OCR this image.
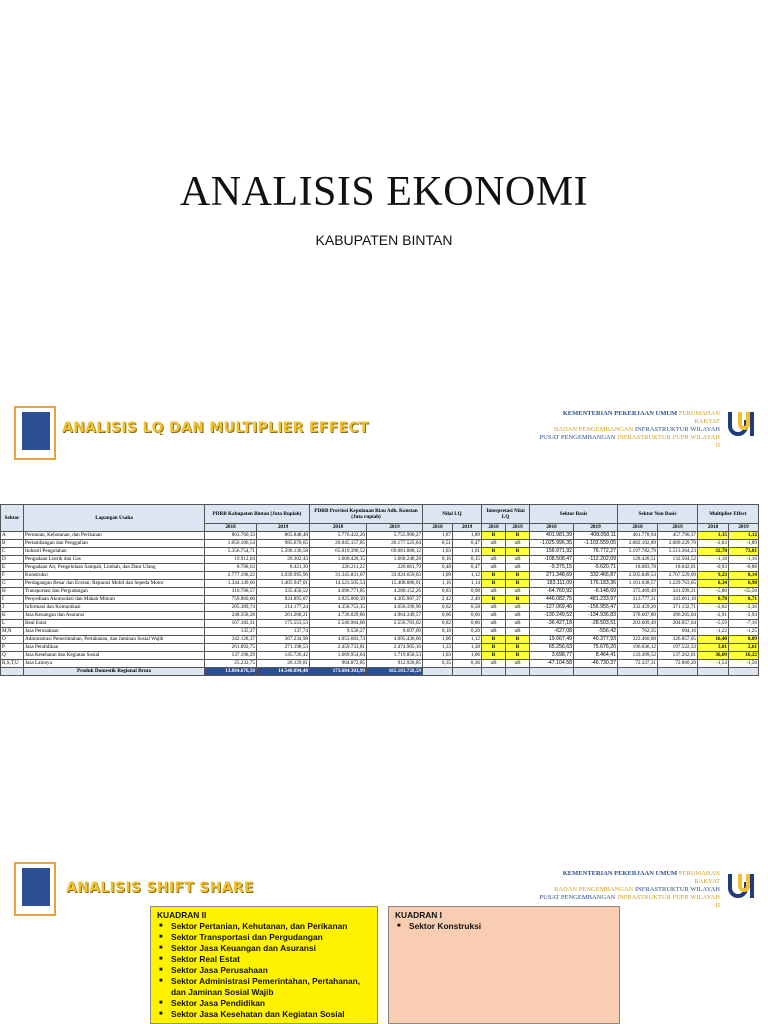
ANALISIS EKONOMI
KABUPATEN BINTAN
ANALISIS LQ DAN MULTIPLIER EFFECT
KEMENTERIAN PEKERJAAN UMUM PERUMAHAN
RAKYAT
BADAN PENGEMBANGAN INFRASTRUKTUR WILAYAH
PUSAT PENGEMBANGAN INFRASTRUKTUR PUPR WILAYAH
II
Sektor	Lapangan Usaha	PDRB Kabupaten Bintan (Juta Rupiah)		PDRB Provinsi Kepulauan Riau Adh. Konstan (Juta rupiah)		Nilai LQ		Interpretasi Nilai LQ		Sektor Basis		Sektor Non Basis		Multiplier Effect	
		2018	2019	2018	2019	2018	2019	2018	2019	2018	2019	2018	2019	2018	2019
A	Pertanian, Kehutanan, dan Perikanan	863.760,33	865.848,48	5.776.422,20	5.755.990,27	1,87	1,89	B	B	401.981,39	408.058,11	461.778,94	457.790,37	1,15	1,12
B	Pertambangan dan Penggalian	1.056.106,54	985.670,65	26.045.157,85	26.177.525,04	0,51	0,47	nB	nB	-1.025.996,35	-1.103.559,05	2.082.102,89	2.089.229,70	-2,03	-1,89
C	Industri Pengolahan	5.356.754,71	5.590.136,58	65.019.396,52	69.081.068,12	1,03	1,01	B	B	156.971,92	76.772,27	5.197.782,79	5.513.364,23	32,70	73,81
D	Pengadaan Listrik dan Gas	19.912,04	20.302,43	1.606.420,35	1.668.248,28	0,16	0,15	nB	nB	-108.508,47	-112.202,09	128.420,51	132.504,52	-1,18	-1,16
E	Pengadaan Air, Pengelolaan Sampah, Limbah, dan Daur Ulang	8.708,63	8.421,30	226.211,22	226.061,79	0,48	0,47	nB	nB	-9.375,15	-9.620,71	18.083,78	18.042,01	-0,93	-0,88
F	Konstruksi	2.777.198,22	3.039.995,96	31.345.831,67	33.924.659,03	1,09	1,12	B	B	271.348,69	332.466,87	2.505.849,53	2.707.529,09	9,23	8,14
G	Perdagangan Besar dan Eceran; Reparasi Mobil dan Sepeda Motor	1.344.149,66	1.405.947,01	14.523.505,54	15.408.880,01	1,16	1,14	B	B	183.111,09	176.183,36	1.161.038,57	1.229.763,65	6,34	6,98
H	Transportasi dan Pergudangan	310.708,57	335.450,52	4.696.771,85	4.280.152,26	0,83	0,98	nB	nB	-64.760,92	-6.148,69	375.469,49	341.599,21	-5,80	-55,56
I	Penyediaan Akomodasi dan Makan Minum	759.860,06	824.895,07	3.925.060,39	4.305.987,37	2,42	2,40	B	B	446.082,75	481.233,97	313.777,31	343.661,10	0,70	0,71
J	Informasi dan Komunikasi	205.389,74	214.177,24	4.358.753,35	4.650.199,96	0,62	0,58	nB	nB	-127.069,46	-156.955,47	332.459,20	371.132,71	-2,62	-2,36
K	Jasa Keuangan dan Asuransi	248.358,28	261.268,21	4.736.029,86	4.964.349,57	0,66	0,66	nB	nB	-130.249,52	-134.936,83	378.607,80	396.205,04	-2,91	-2,94
L	Real Estat	167.182,31	175.553,53	2.546.964,08	2.556.783,62	0,82	0,86	nB	nB	-36.427,18	-28.503,51	203.609,49	204.057,04	-5,59	-7,16
M,N	Jasa Perusahaan	135,27	137,74	9.558,27	8.697,69	0,18	0,20	nB	nB	-627,08	-556,42	762,35	694,16	-1,22	-1,25
O	Administrasi Pemerintahan, Pertahanan, dan Jaminan Sosial Wajib	342.128,37	367.234,98	4.053.683,74	4.095.436,66	1,06	1,12	B	B	19.667,49	40.377,93	322.460,88	326.857,05	16,40	8,09
P	Jasa Pendidikan	261.892,75	271.198,53	2.459.733,81	2.474.905,16	1,33	1,38	B	B	65.256,63	75.676,20	196.636,12	197.522,33	3,01	2,61
Q	Jasa Kesehatan dan Kegiatan Sosial	137.198,29	145.726,42	1.669.954,04	1.719.858,53	1,03	1,06	B	B	3.698,77	8.464,41	133.499,52	137.262,01	36,09	16,22
R,S,T,U	Jasa Lainnya	25.232,75	26.129,81	904.872,85	912.920,85	0,35	0,36	nB	nB	-47.104,58	-46.730,37	72.337,31	72.860,20	-1,54	-1,56
	Produk Domestik Regional Bruto	13.884.676,58	14.540.894,48	173.684.303,99	182.183.728,59										
ANALISIS SHIFT SHARE
KEMENTERIAN PEKERJAAN UMUM PERUMAHAN
RAKYAT
BADAN PENGEMBANGAN INFRASTRUKTUR WILAYAH
PUSAT PENGEMBANGAN INFRASTRUKTUR PUPR WILAYAH
II
KUADRAN II
■ Sektor Pertanian, Kehutanan, dan Perikanan
■ Sektor Transportasi dan Pergudangan
■ Sektor Jasa Keuangan dan Asuransi
■ Sektor Real Estat
■ Sektor Jasa Perusahaan
■ Sektor Administrasi Pemerintahan, Pertahanan, dan Jaminan Sosial Wajib
■ Sektor Jasa Pendidikan
■ Sektor Jasa Kesehatan dan Kegiatan Sosial
KUADRAN I
■ Sektor Konstruksi
